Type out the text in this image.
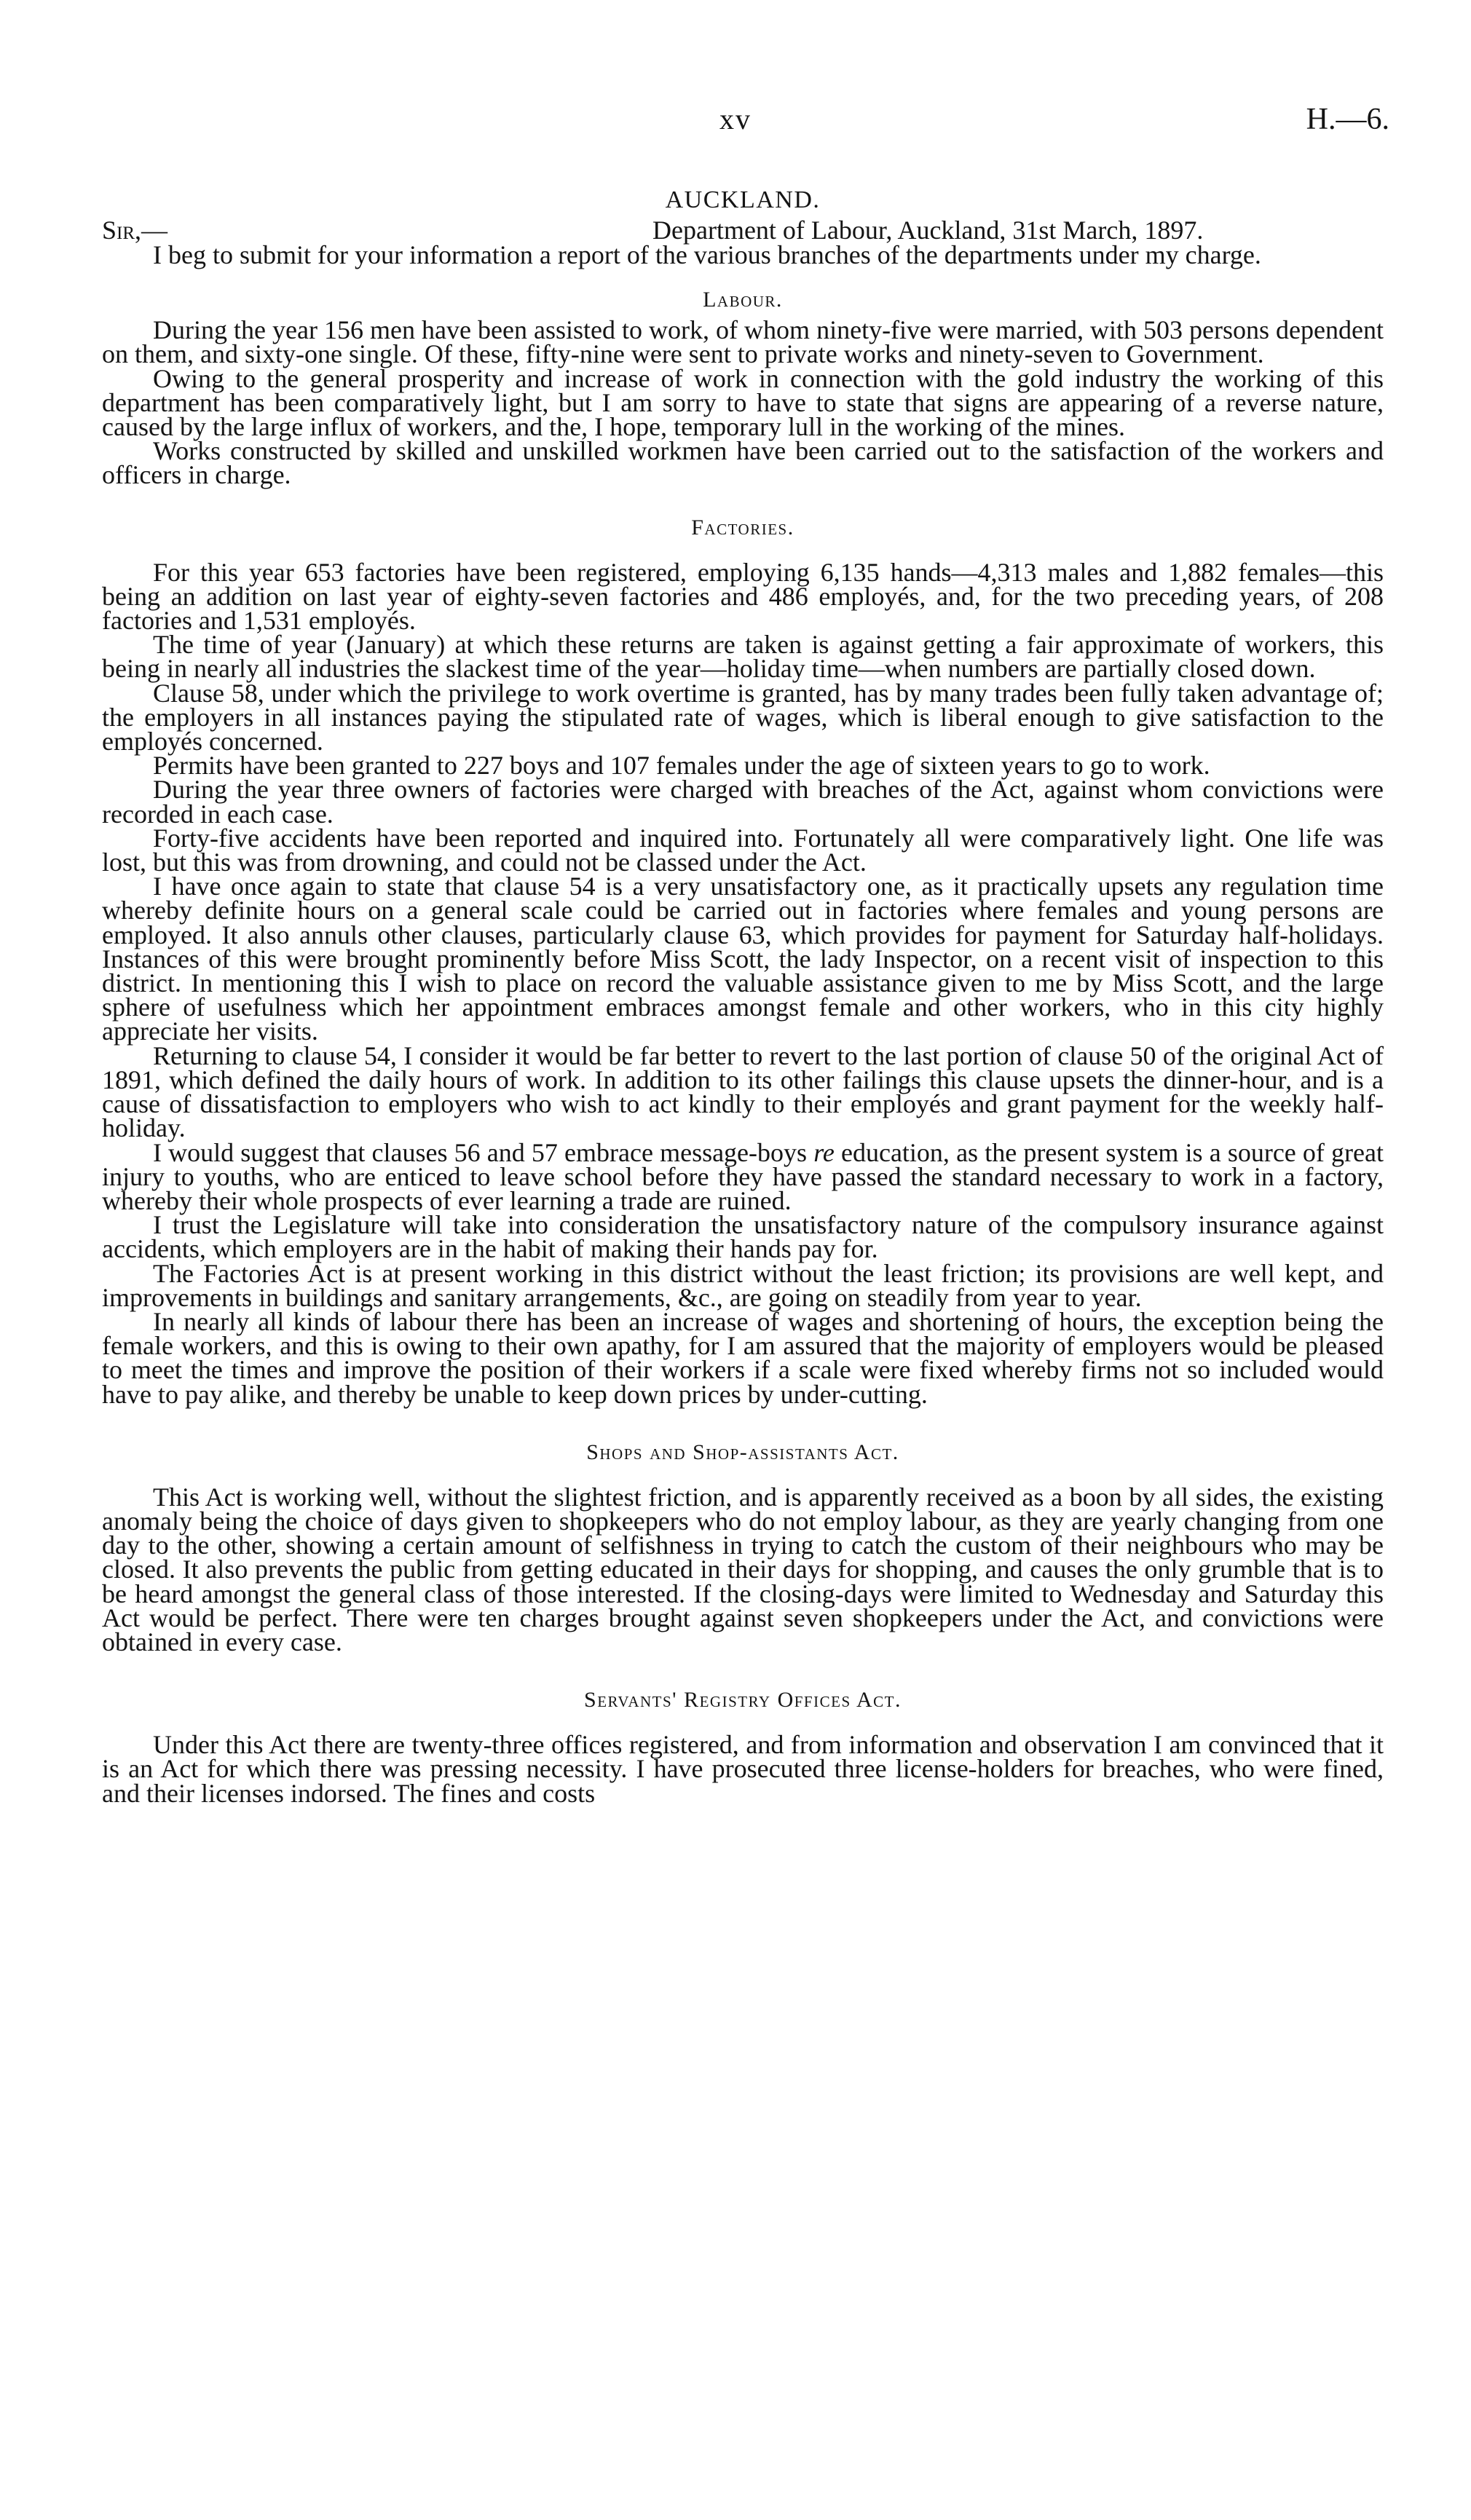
xv	H.—6.
AUCKLAND.
Sir,—	Department of Labour, Auckland, 31st March, 1897.

I beg to submit for your information a report of the various branches of the departments under my charge.

Labour.

During the year 156 men have been assisted to work, of whom ninety-five were married, with 503 persons dependent on them, and sixty-one single. Of these, fifty-nine were sent to private works and ninety-seven to Government.

Owing to the general prosperity and increase of work in connection with the gold industry the working of this department has been comparatively light, but I am sorry to have to state that signs are appearing of a reverse nature, caused by the large influx of workers, and the, I hope, temporary lull in the working of the mines.

Works constructed by skilled and unskilled workmen have been carried out to the satisfaction of the workers and officers in charge.

Factories.

For this year 653 factories have been registered, employing 6,135 hands—4,313 males and 1,882 females—this being an addition on last year of eighty-seven factories and 486 employés, and, for the two preceding years, of 208 factories and 1,531 employés.

The time of year (January) at which these returns are taken is against getting a fair approximate of workers, this being in nearly all industries the slackest time of the year—holiday time—when numbers are partially closed down.

Clause 58, under which the privilege to work overtime is granted, has by many trades been fully taken advantage of; the employers in all instances paying the stipulated rate of wages, which is liberal enough to give satisfaction to the employés concerned.

Permits have been granted to 227 boys and 107 females under the age of sixteen years to go to work.

During the year three owners of factories were charged with breaches of the Act, against whom convictions were recorded in each case.

Forty-five accidents have been reported and inquired into. Fortunately all were comparatively light. One life was lost, but this was from drowning, and could not be classed under the Act.

I have once again to state that clause 54 is a very unsatisfactory one, as it practically upsets any regulation time whereby definite hours on a general scale could be carried out in factories where females and young persons are employed. It also annuls other clauses, particularly clause 63, which provides for payment for Saturday half-holidays. Instances of this were brought prominently before Miss Scott, the lady Inspector, on a recent visit of inspection to this district. In mentioning this I wish to place on record the valuable assistance given to me by Miss Scott, and the large sphere of usefulness which her appointment embraces amongst female and other workers, who in this city highly appreciate her visits.

Returning to clause 54, I consider it would be far better to revert to the last portion of clause 50 of the original Act of 1891, which defined the daily hours of work. In addition to its other failings this clause upsets the dinner-hour, and is a cause of dissatisfaction to employers who wish to act kindly to their employés and grant payment for the weekly half-holiday.

I would suggest that clauses 56 and 57 embrace message-boys re education, as the present system is a source of great injury to youths, who are enticed to leave school before they have passed the standard necessary to work in a factory, whereby their whole prospects of ever learning a trade are ruined.

I trust the Legislature will take into consideration the unsatisfactory nature of the compulsory insurance against accidents, which employers are in the habit of making their hands pay for.

The Factories Act is at present working in this district without the least friction; its provisions are well kept, and improvements in buildings and sanitary arrangements, &c., are going on steadily from year to year.

In nearly all kinds of labour there has been an increase of wages and shortening of hours, the exception being the female workers, and this is owing to their own apathy, for I am assured that the majority of employers would be pleased to meet the times and improve the position of their workers if a scale were fixed whereby firms not so included would have to pay alike, and thereby be unable to keep down prices by under-cutting.

Shops and Shop-assistants Act.

This Act is working well, without the slightest friction, and is apparently received as a boon by all sides, the existing anomaly being the choice of days given to shopkeepers who do not employ labour, as they are yearly changing from one day to the other, showing a certain amount of selfishness in trying to catch the custom of their neighbours who may be closed. It also prevents the public from getting educated in their days for shopping, and causes the only grumble that is to be heard amongst the general class of those interested. If the closing-days were limited to Wednesday and Saturday this Act would be perfect. There were ten charges brought against seven shopkeepers under the Act, and convictions were obtained in every case.

Servants' Registry Offices Act.

Under this Act there are twenty-three offices registered, and from information and observation I am convinced that it is an Act for which there was pressing necessity. I have prosecuted three license-holders for breaches, who were fined, and their licenses indorsed. The fines and costs
